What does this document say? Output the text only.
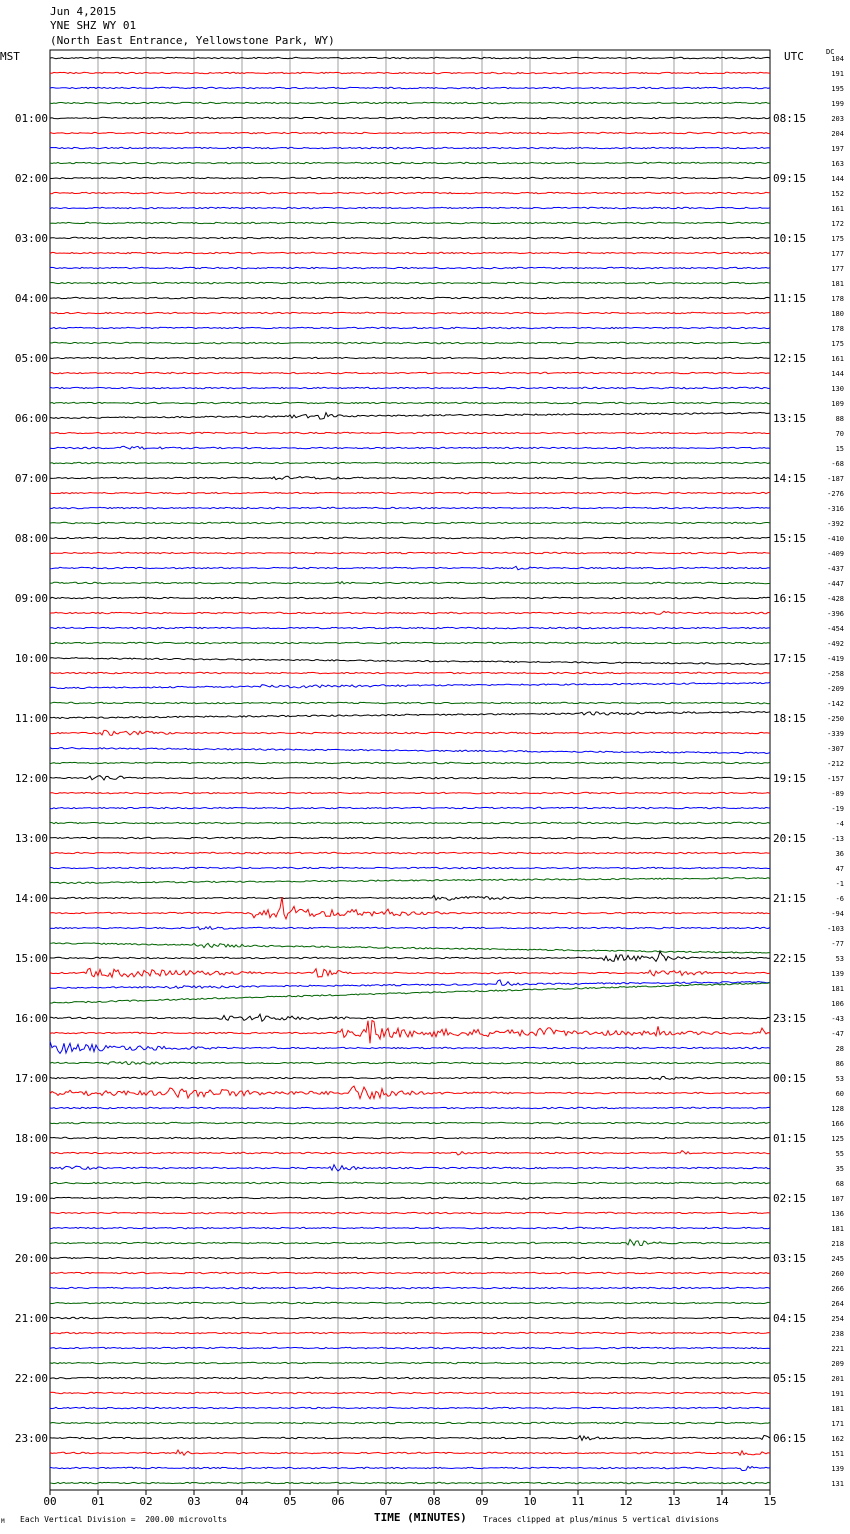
Jun 4,2015
YNE SHZ WY 01
(North East Entrance, Yellowstone Park, WY)
MST	UTC	DC
00	01	02	03	04	05	06	07	08	09	10	11	12	13	14	15
104
191
195
199
203
204
197
163
144
152
161
172
175
177
177
181
178
180
178
175
161
144
130
109
88
70
15
-68
-187
-276
-316
-392
-410
-409
-437
-447
-428
-396
-454
-492
-419
-258
-209
-142
-250
-339
-307
-212
-157
-89
-19
-4
-13
36
47
-1
-6
-94
-103
-77
53
139
181
106
-43
-47
28
86
53
60
128
166
125
55
35
68
107
136
181
218
245
260
266
264
254
238
221
209
201
191
181
171
162
151
139
131
01:00	08:15
02:00	09:15
03:00	10:15
04:00	11:15
05:00	12:15
06:00	13:15
07:00	14:15
08:00	15:15
09:00	16:15
10:00	17:15
11:00	18:15
12:00	19:15
13:00	20:15
14:00	21:15
15:00	22:15
16:00	23:15
17:00	00:15
18:00	01:15
19:00	02:15
20:00	03:15
21:00	04:15
22:00	05:15
23:00	06:15
M Each Vertical Division =  200.00 microvolts	TIME (MINUTES) Traces clipped at plus/minus 5 vertical divisions
